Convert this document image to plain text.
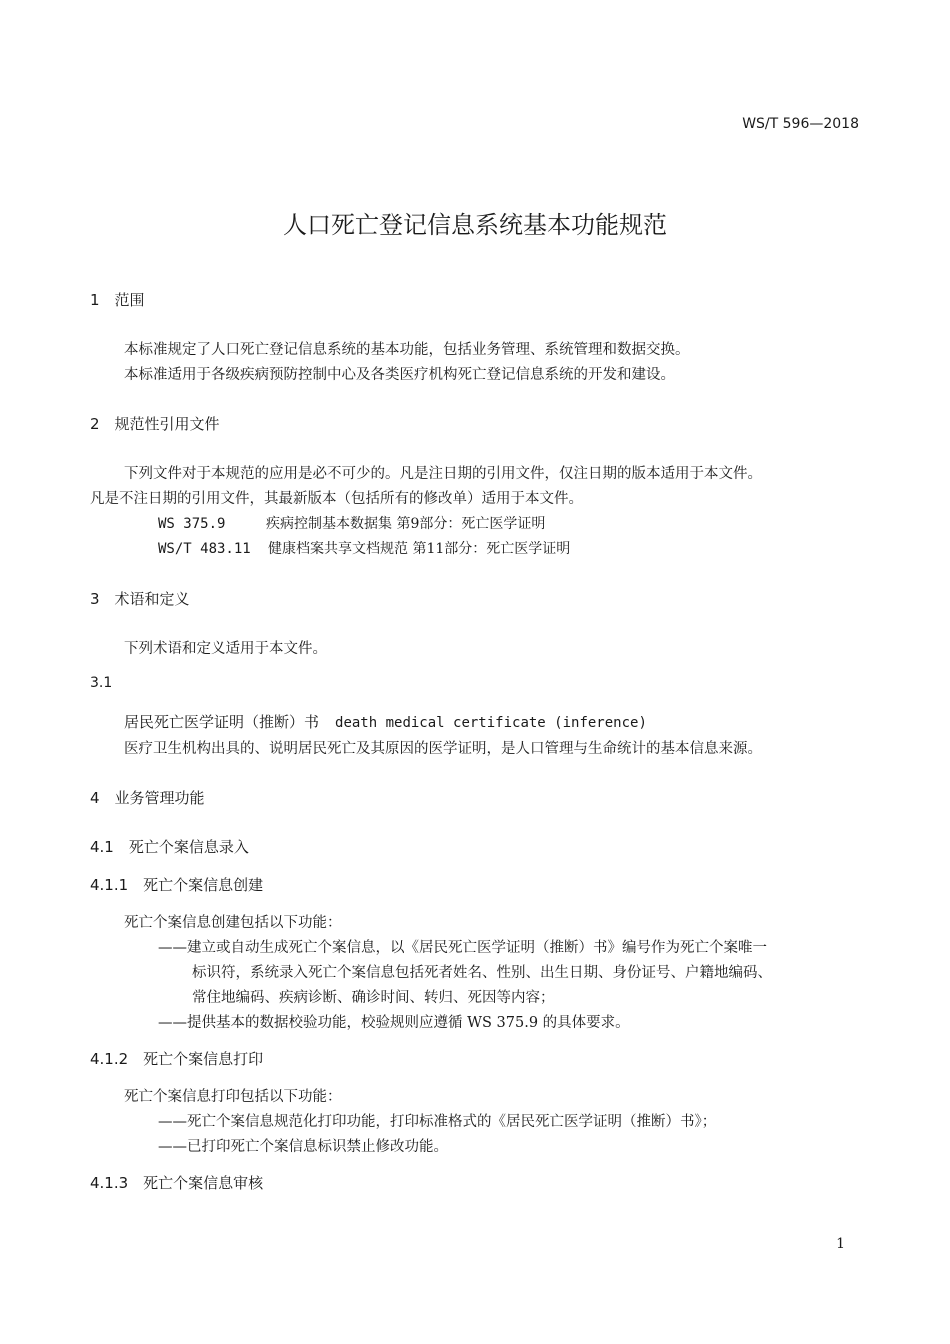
WS/T 596—2018
人口死亡登记信息系统基本功能规范
1　范围
本标准规定了人口死亡登记信息系统的基本功能，包括业务管理、系统管理和数据交换。
本标准适用于各级疾病预防控制中心及各类医疗机构死亡登记信息系统的开发和建设。
2　规范性引用文件
下列文件对于本规范的应用是必不可少的。凡是注日期的引用文件，仅注日期的版本适用于本文件。
凡是不注日期的引用文件，其最新版本（包括所有的修改单）适用于本文件。
WS 375.9	疾病控制基本数据集 第9部分：死亡医学证明
WS/T 483.11 健康档案共享文档规范 第11部分：死亡医学证明
3　术语和定义
下列术语和定义适用于本文件。
3.1
居民死亡医学证明（推断）书 death medical certificate (inference)
医疗卫生机构出具的、说明居民死亡及其原因的医学证明，是人口管理与生命统计的基本信息来源。
4　业务管理功能
4.1　死亡个案信息录入
4.1.1　死亡个案信息创建
死亡个案信息创建包括以下功能：
——建立或自动生成死亡个案信息，以《居民死亡医学证明（推断）书》编号作为死亡个案唯一
标识符，系统录入死亡个案信息包括死者姓名、性别、出生日期、身份证号、户籍地编码、
常住地编码、疾病诊断、确诊时间、转归、死因等内容；
——提供基本的数据校验功能，校验规则应遵循 WS 375.9 的具体要求。
4.1.2　死亡个案信息打印
死亡个案信息打印包括以下功能：
——死亡个案信息规范化打印功能，打印标准格式的《居民死亡医学证明（推断）书》；
——已打印死亡个案信息标识禁止修改功能。
4.1.3　死亡个案信息审核
1
